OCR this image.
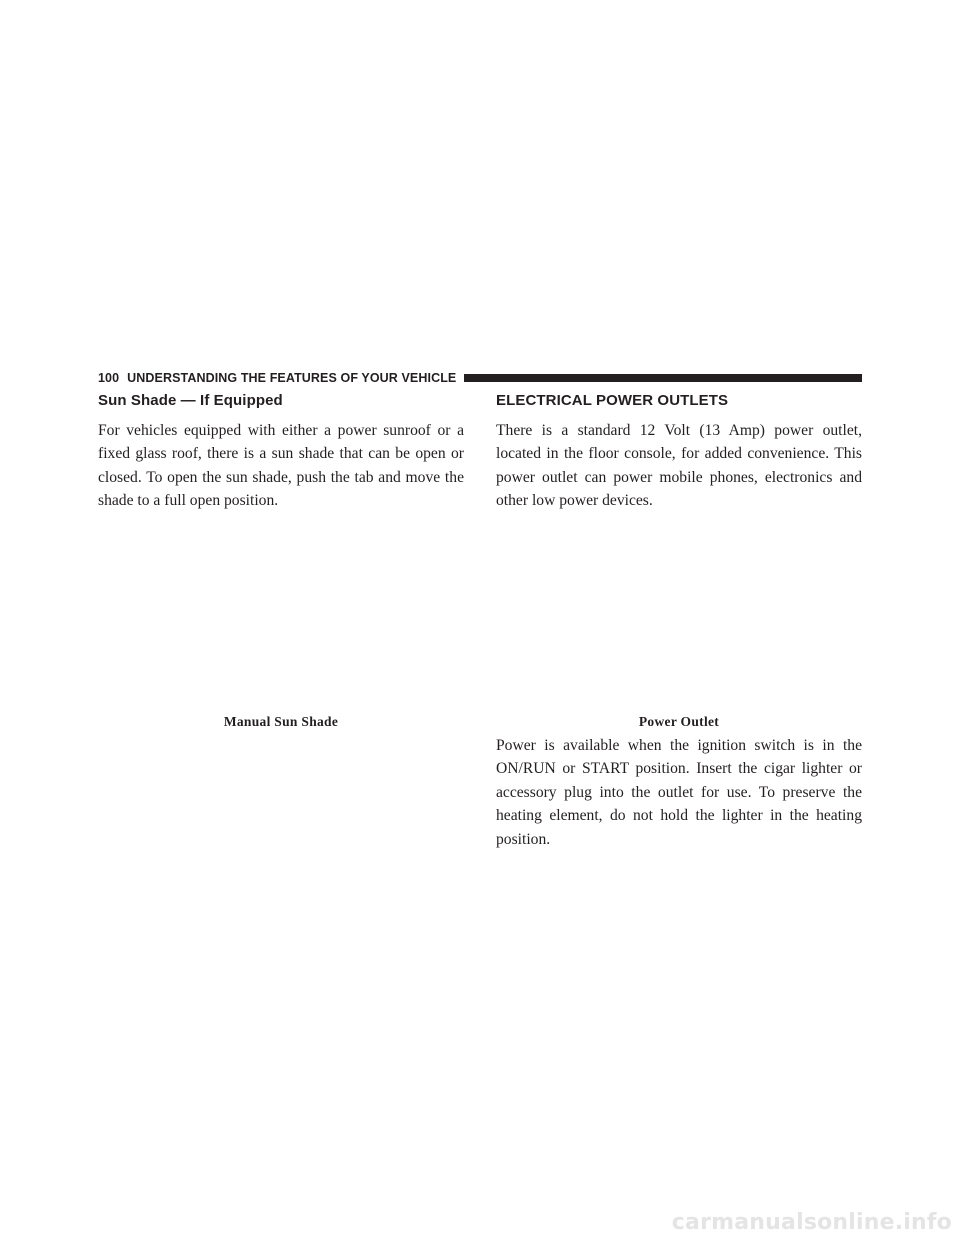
100 UNDERSTANDING THE FEATURES OF YOUR VEHICLE
Sun Shade — If Equipped

For vehicles equipped with either a power sunroof or a fixed glass roof, there is a sun shade that can be open or closed. To open the sun shade, push the tab and move the shade to a full open position.

ELECTRICAL POWER OUTLETS

There is a standard 12 Volt (13 Amp) power outlet, located in the floor console, for added convenience. This power outlet can power mobile phones, electronics and other low power devices.

Manual Sun Shade	Power Outlet

Power is available when the ignition switch is in the ON/RUN or START position. Insert the cigar lighter or accessory plug into the outlet for use. To preserve the heating element, do not hold the lighter in the heating position.

carmanualsonline.info
